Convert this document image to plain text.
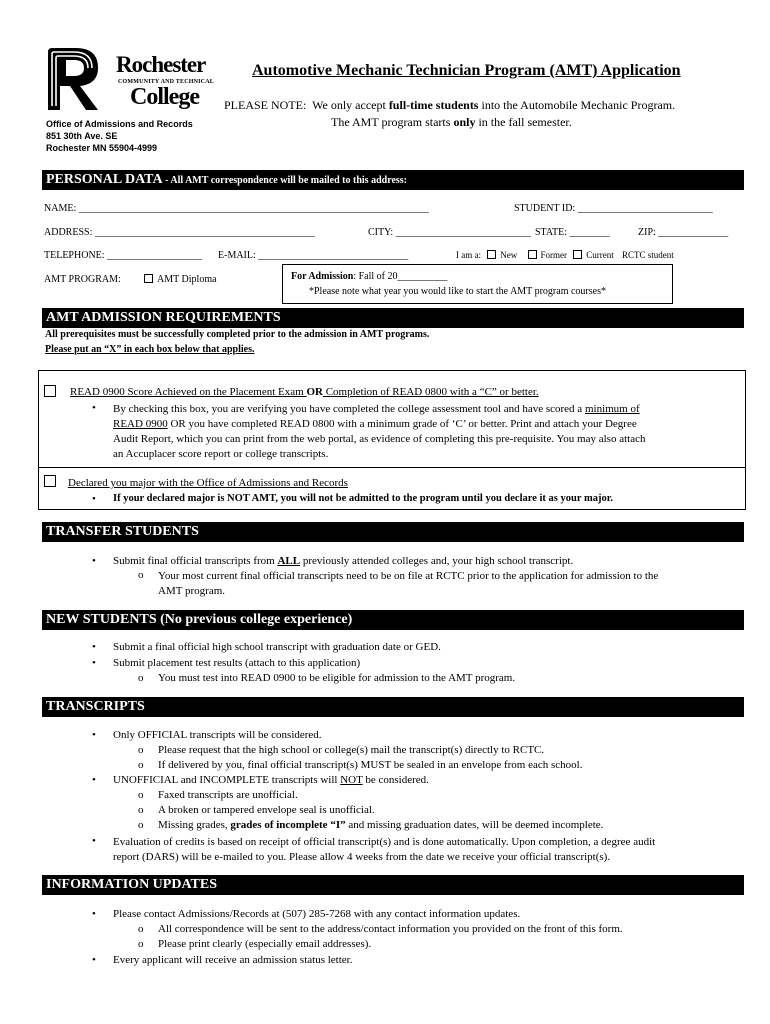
Rochester
COMMUNITY AND TECHNICAL
College
Office of Admissions and Records
851 30th Ave. SE
Rochester MN 55904-4999
Automotive Mechanic Technician Program (AMT) Application
PLEASE NOTE: We only accept full-time students into the Automobile Mechanic Program.
The AMT program starts only in the fall semester.
PERSONAL DATA - All AMT correspondence will be mailed to this address:
NAME: ______________________________________________________________________	STUDENT ID: ___________________________
ADDRESS: ____________________________________________	CITY: ___________________________ STATE: ________	ZIP: ______________
TELEPHONE: ___________________ E-MAIL: ______________________________	I am a: New	Former Current RCTC student
AMT PROGRAM:	AMT Diploma	For Admission: Fall of 20__________
*Please note what year you would like to start the AMT program courses*
AMT ADMISSION REQUIREMENTS
All prerequisites must be successfully completed prior to the admission in AMT programs.
Please put an “X” in each box below that applies.
READ 0900 Score Achieved on the Placement Exam OR Completion of READ 0800 with a “C” or better.
• By checking this box, you are verifying you have completed the college assessment tool and have scored a minimum of
READ 0900 OR you have completed READ 0800 with a minimum grade of ‘C’ or better. Print and attach your Degree
Audit Report, which you can print from the web portal, as evidence of completing this pre-requisite. You may also attach
an Accuplacer score report or college transcripts.
Declared you major with the Office of Admissions and Records
• If your declared major is NOT AMT, you will not be admitted to the program until you declare it as your major.
TRANSFER STUDENTS
• Submit final official transcripts from ALL previously attended colleges and, your high school transcript.
o Your most current final official transcripts need to be on file at RCTC prior to the application for admission to the
AMT program.
NEW STUDENTS (No previous college experience)
• Submit a final official high school transcript with graduation date or GED.
• Submit placement test results (attach to this application)
o You must test into READ 0900 to be eligible for admission to the AMT program.
TRANSCRIPTS
• Only OFFICIAL transcripts will be considered.
o Please request that the high school or college(s) mail the transcript(s) directly to RCTC.
o If delivered by you, final official transcript(s) MUST be sealed in an envelope from each school.
• UNOFFICIAL and INCOMPLETE transcripts will NOT be considered.
o Faxed transcripts are unofficial.
o A broken or tampered envelope seal is unofficial.
o Missing grades, grades of incomplete “I” and missing graduation dates, will be deemed incomplete.
• Evaluation of credits is based on receipt of official transcript(s) and is done automatically. Upon completion, a degree audit
report (DARS) will be e-mailed to you. Please allow 4 weeks from the date we receive your official transcript(s).
INFORMATION UPDATES
• Please contact Admissions/Records at (507) 285-7268 with any contact information updates.
o All correspondence will be sent to the address/contact information you provided on the front of this form.
o Please print clearly (especially email addresses).
• Every applicant will receive an admission status letter.
